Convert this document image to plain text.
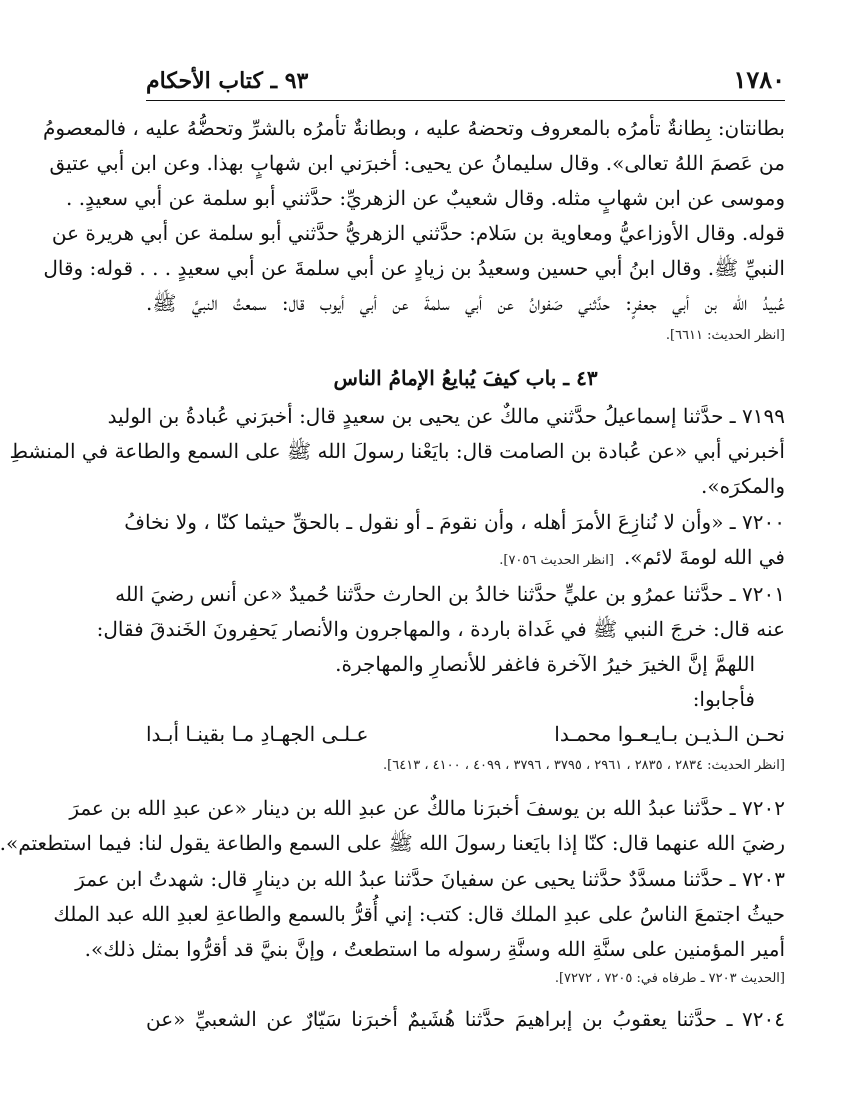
١٧٨٠
٩٣ ـ كتاب الأحكام
بطانتان: بِطانةٌ تأمرُه بالمعروف وتحضهُ عليه ، وبطانةٌ تأمرُه بالشرِّ وتحضُّهُ عليه ، فالمعصومُ
من عَصمَ اللهُ تعالى». وقال سليمانُ عن يحيى: أخبرَني ابن شهابٍ بهذا. وعن ابن أبي عتيق
وموسى عن ابن شهابٍ مثله. وقال شعيبٌ عن الزهريِّ: حدَّثني أبو سلمة عن أبي سعيدٍ. .
قوله. وقال الأوزاعيُّ ومعاوية بن سَلام: حدَّثني الزهريُّ حدَّثني أبو سلمة عن أبي هريرة عن
النبيِّ ﷺ. وقال ابنُ أبي حسين وسعيدُ بن زيادٍ عن أبي سلمةَ عن أبي سعيدٍ . . . قوله: وقال
عُبيدُ الله بن أبي جعفرٍ: حدَّثني صَفوانُ عن أبي سلمةَ عن أبي أيوب قال: سمعتُ النبيَّ ﷺ.
[انظر الحديث: ٦٦١١].
٤٣ ـ باب كيفَ يُبايعُ الإمامُ الناس
٧١٩٩ ـ حدَّثنا إسماعيلُ حدَّثني مالكٌ عن يحيى بن سعيدٍ قال: أخبرَني عُبادةُ بن الوليد
أخبرني أبي «عن عُبادة بن الصامت قال: بايَعْنا رسولَ الله ﷺ على السمع والطاعة في المنشطِ
والمكرَه».
٧٢٠٠ ـ «وأن لا نُنازِعَ الأمرَ أهله ، وأن نقومَ ـ أو نقول ـ بالحقِّ حيثما كنّا ، ولا نخافُ
في الله لومةَ لائم».
[انظر الحديث ٧٠٥٦].
٧٢٠١ ـ حدَّثنا عمرُو بن عليٍّ حدَّثنا خالدُ بن الحارث حدَّثنا حُميدٌ «عن أنس رضيَ الله
عنه قال: خرجَ النبي ﷺ في غَداة باردة ، والمهاجرون والأنصار يَحفِرونَ الخَندقَ فقال:
اللهمَّ إنَّ الخيرَ خيرُ الآخرة فاغفر للأنصارِ والمهاجرة.
فأجابوا:
نحـن الـذيـن بـايـعـوا محمـدا
عـلـى الجهـادِ مـا بقينـا أبـدا
[انظر الحديث: ٢٨٣٤ ، ٢٨٣٥ ، ٢٩٦١ ، ٣٧٩٥ ، ٣٧٩٦ ، ٤٠٩٩ ، ٤١٠٠ ، ٦٤١٣].
٧٢٠٢ ـ حدَّثنا عبدُ الله بن يوسفَ أخبرَنا مالكٌ عن عبدِ الله بن دينار «عن عبدِ الله بن عمرَ
رضيَ الله عنهما قال: كنّا إذا بايَعنا رسولَ الله ﷺ على السمع والطاعة يقول لنا: فيما استطعتم».
٧٢٠٣ ـ حدَّثنا مسدَّدٌ حدَّثنا يحيى عن سفيانَ حدَّثنا عبدُ الله بن دينارٍ قال: شهدتُ ابن عمرَ
حيثُ اجتمعَ الناسُ على عبدِ الملك قال: كتب: إني أُقرُّ بالسمع والطاعةِ لعبدِ الله عبد الملك
أمير المؤمنين على سنَّةِ الله وسنَّةِ رسوله ما استطعتُ ، وإنَّ بنيَّ قد أقرُّوا بمثل ذلك».
[الحديث ٧٢٠٣ ـ طرفاه في: ٧٢٠٥ ، ٧٢٧٢].
٧٢٠٤ ـ حدَّثنا يعقوبُ بن إبراهيمَ حدَّثنا هُشَيمٌ أخبرَنا سَيّارٌ عن الشعبيِّ «عن
